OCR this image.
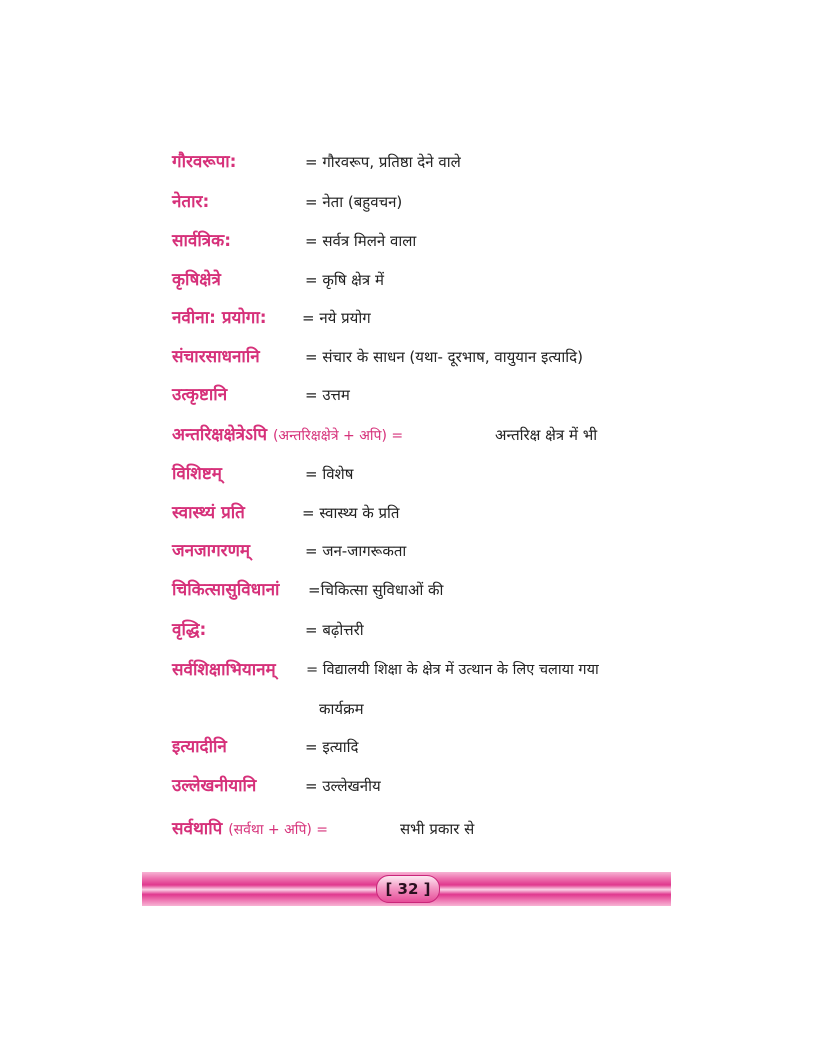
गौरवरूपा:	= गौरवरूप, प्रतिष्ठा देने वाले
नेतार:	= नेता (बहुवचन)
सार्वत्रिक:	= सर्वत्र मिलने वाला
कृषिक्षेत्रे	= कृषि क्षेत्र में
नवीना: प्रयोगा: = नये प्रयोग
संचारसाधनानि	= संचार के साधन (यथा- दूरभाष, वायुयान इत्यादि)
उत्कृष्टानि	= उत्तम
अन्तरिक्षक्षेत्रेऽपि (अन्तरिक्षक्षेत्रे + अपि) =	अन्तरिक्ष क्षेत्र में भी
विशिष्टम्	= विशेष
स्वास्थ्यं प्रति	= स्वास्थ्य के प्रति
जनजागरणम्	= जन-जागरूकता
चिकित्सासुविधानां =चिकित्सा सुविधाओं की
वृद्धि:	= बढ़ोत्तरी
सर्वशिक्षाभियानम् = विद्यालयी शिक्षा के क्षेत्र में उत्थान के लिए चलाया गया
कार्यक्रम
इत्यादीनि	= इत्यादि
उल्लेखनीयानि	= उल्लेखनीय
सर्वथापि (सर्वथा + अपि) =	सभी प्रकार से
[ 32 ]
